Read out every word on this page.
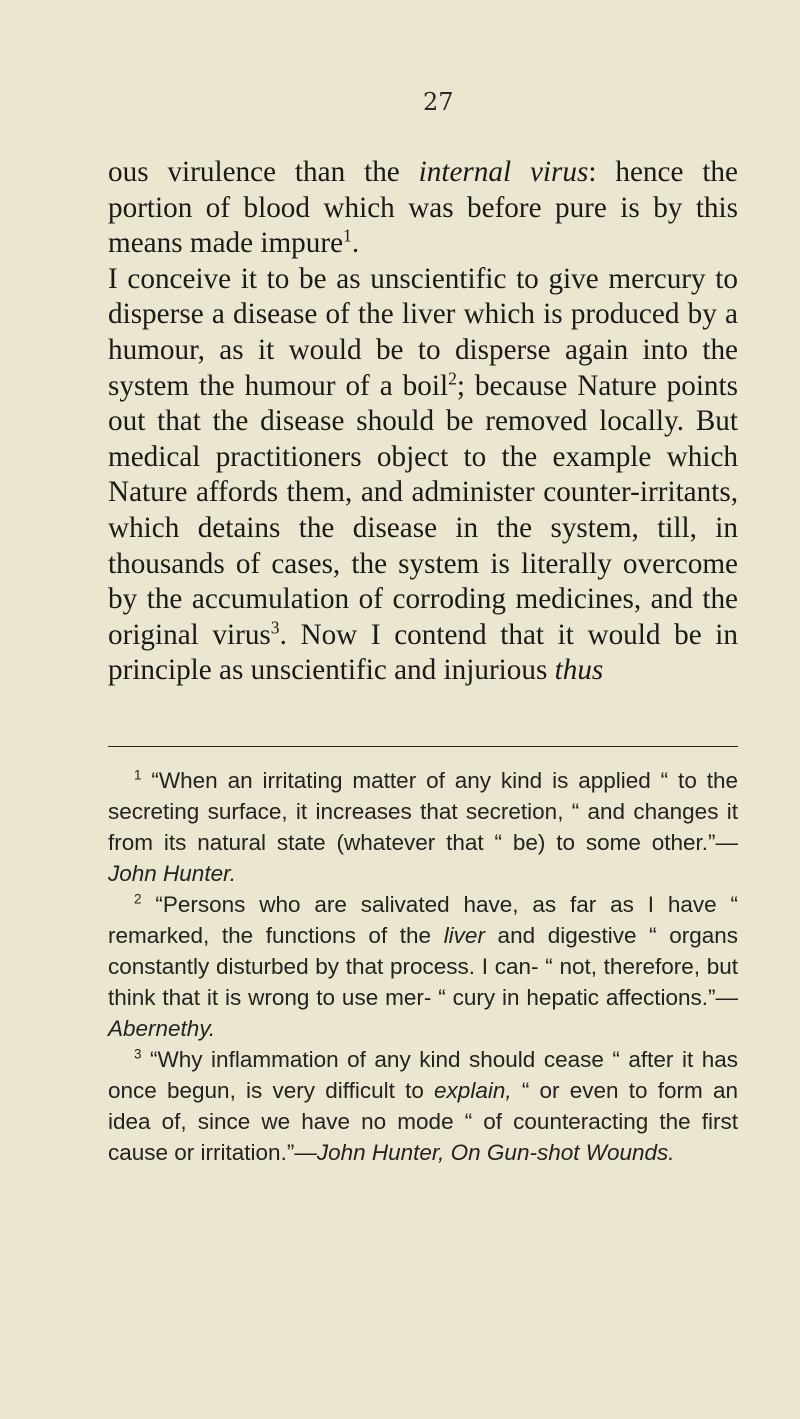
27

ous virulence than the internal virus: hence the portion of blood which was before pure is by this means made impure$^1$.

I conceive it to be as unscientific to give mercury to disperse a disease of the liver which is produced by a humour, as it would be to disperse again into the system the humour of a boil$^2$; because Nature points out that the disease should be removed locally. But medical practitioners object to the example which Nature affords them, and administer counter-irritants, which detains the disease in the system, till, in thousands of cases, the system is literally overcome by the accumulation of corroding medicines, and the original virus$^3$. Now I contend that it would be in principle as unscientific and injurious thus

$^1$ “When an irritating matter of any kind is applied “ to the secreting surface, it increases that secretion, “ and changes it from its natural state (whatever that “ be) to some other.”—John Hunter.

$^2$ “Persons who are salivated have, as far as I have “ remarked, the functions of the liver and digestive “ organs constantly disturbed by that process. I can- “ not, therefore, but think that it is wrong to use mer- “ cury in hepatic affections.”—Abernethy.

$^3$ “Why inflammation of any kind should cease “ after it has once begun, is very difficult to explain, “ or even to form an idea of, since we have no mode “ of counteracting the first cause or irritation.”—John Hunter, On Gun-shot Wounds.
